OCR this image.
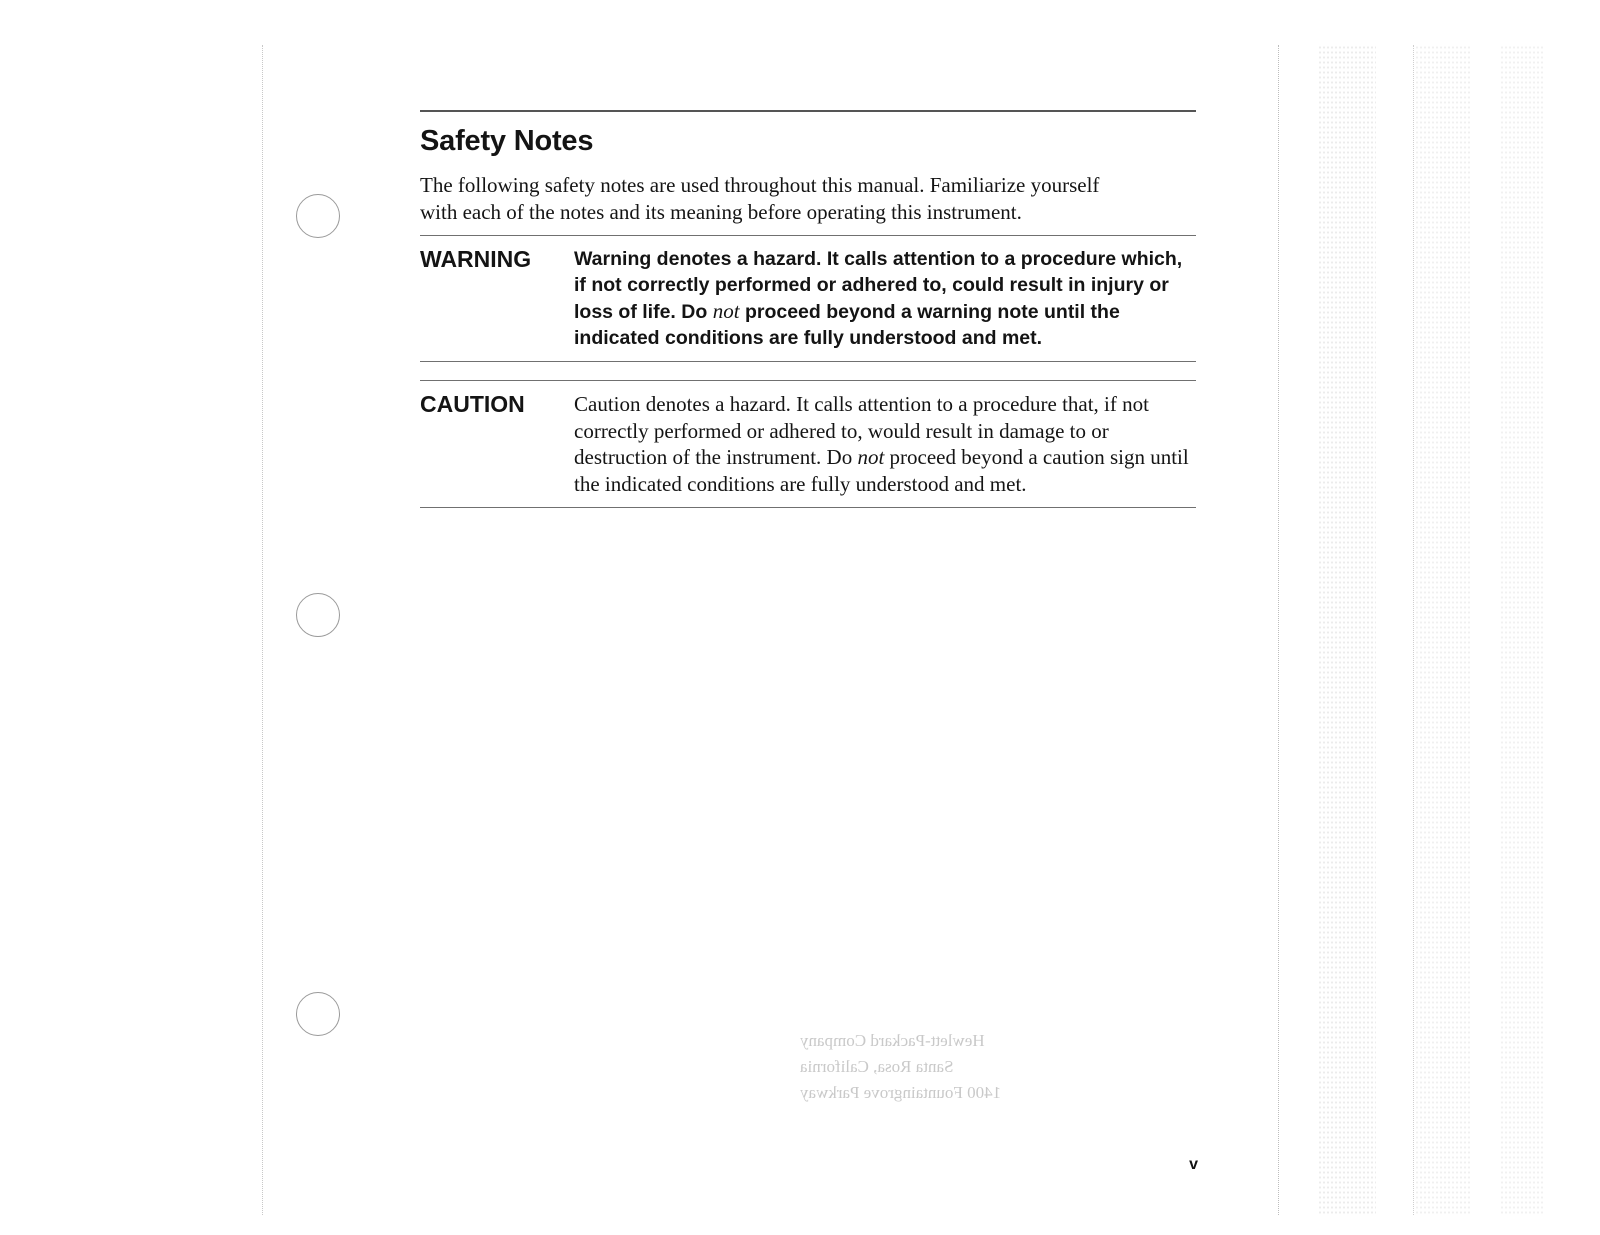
Safety Notes

The following safety notes are used throughout this manual. Familiarize yourself with each of the notes and its meaning before operating this instrument.

WARNING	Warning denotes a hazard. It calls attention to a procedure which, if not correctly performed or adhered to, could result in injury or loss of life. Do not proceed beyond a warning note until the indicated conditions are fully understood and met.
CAUTION	Caution denotes a hazard. It calls attention to a procedure that, if not correctly performed or adhered to, would result in damage to or destruction of the instrument. Do not proceed beyond a caution sign until the indicated conditions are fully understood and met.
Hewlett-Packard Company
Santa Rosa, California
1400 Fountaingrove Parkway
v
